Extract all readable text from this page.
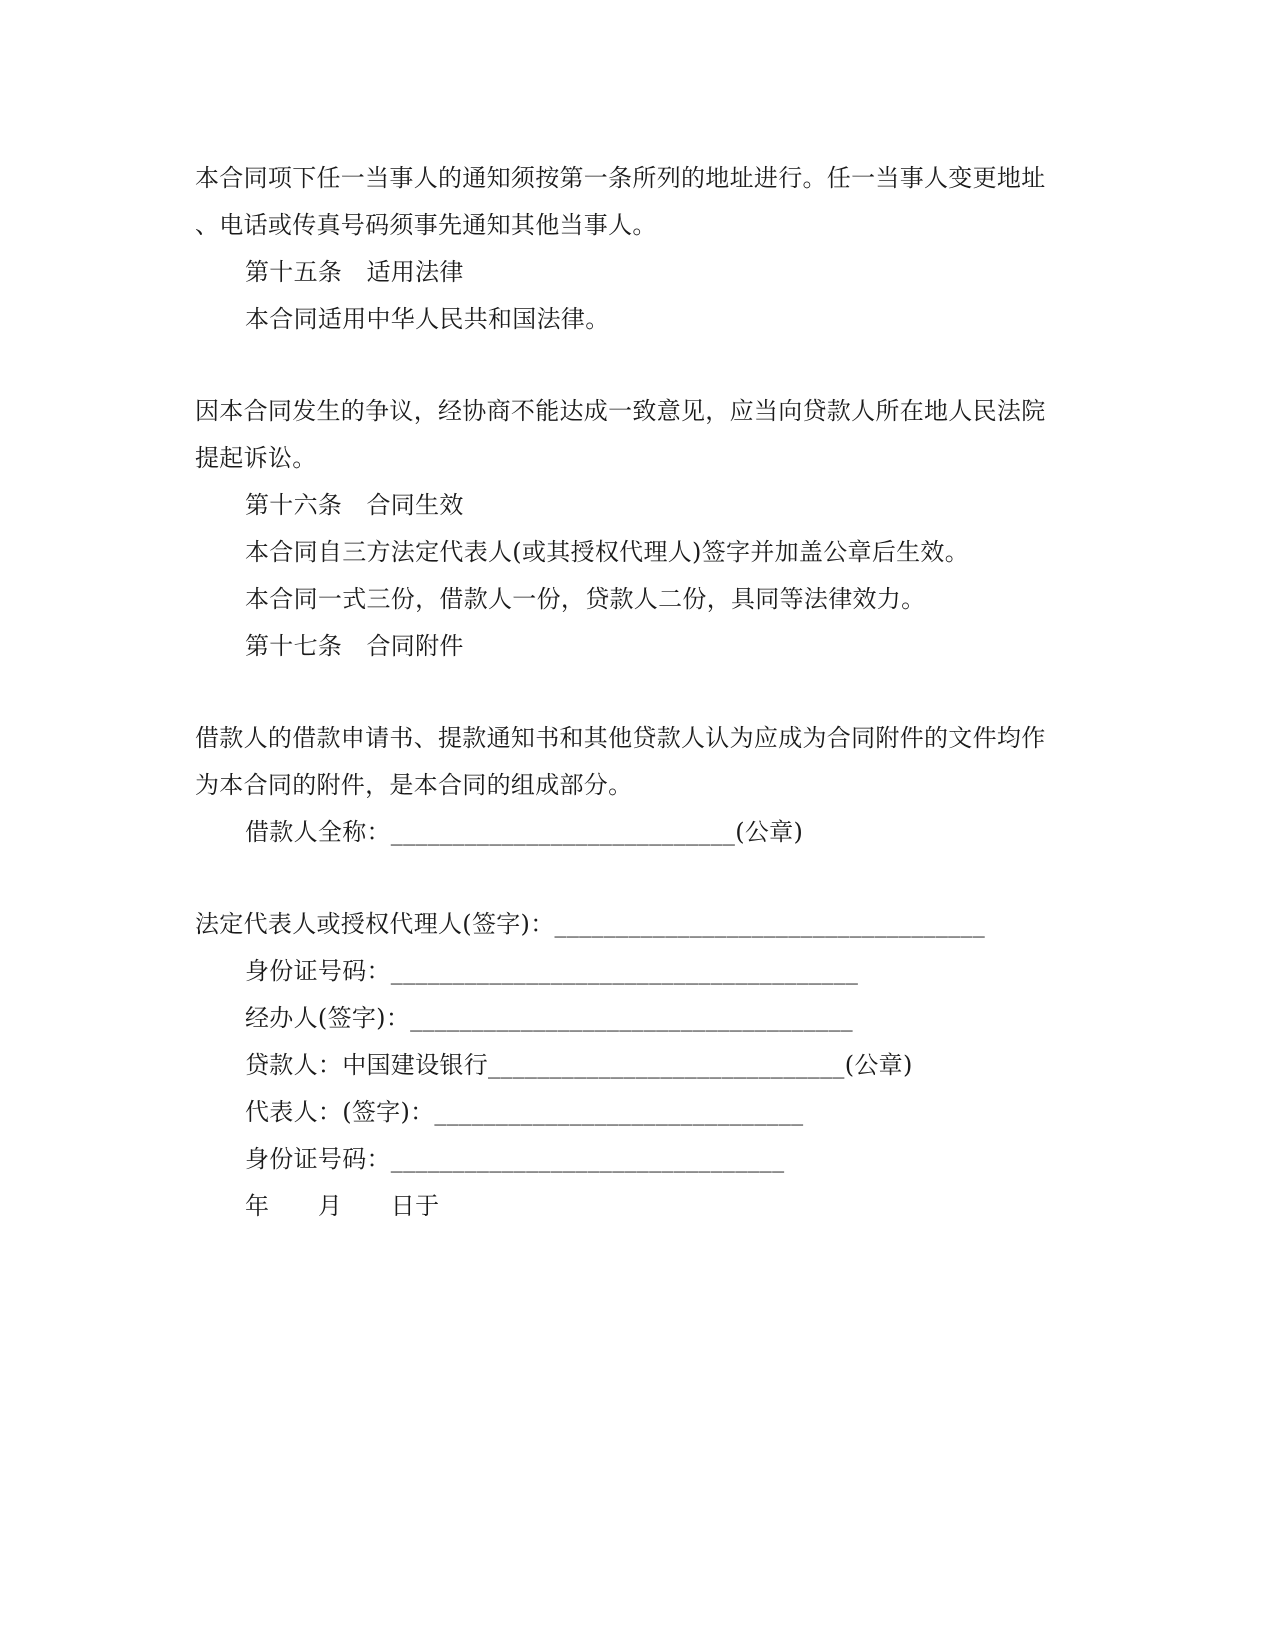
本合同项下任一当事人的通知须按第一条所列的地址进行。任一当事人变更地址
、电话或传真号码须事先通知其他当事人。
第十五条　适用法律
本合同适用中华人民共和国法律。
因本合同发生的争议，经协商不能达成一致意见，应当向贷款人所在地人民法院
提起诉讼。
第十六条　合同生效
本合同自三方法定代表人(或其授权代理人)签字并加盖公章后生效。
本合同一式三份，借款人一份，贷款人二份，具同等法律效力。
第十七条　合同附件
借款人的借款申请书、提款通知书和其他贷款人认为应成为合同附件的文件均作
为本合同的附件，是本合同的组成部分。
借款人全称：____________________________(公章)
法定代表人或授权代理人(签字)：___________________________________
身份证号码：______________________________________
经办人(签字)：____________________________________
贷款人：中国建设银行_____________________________(公章)
代表人：(签字)：______________________________
身份证号码：________________________________
年　　月　　日于
